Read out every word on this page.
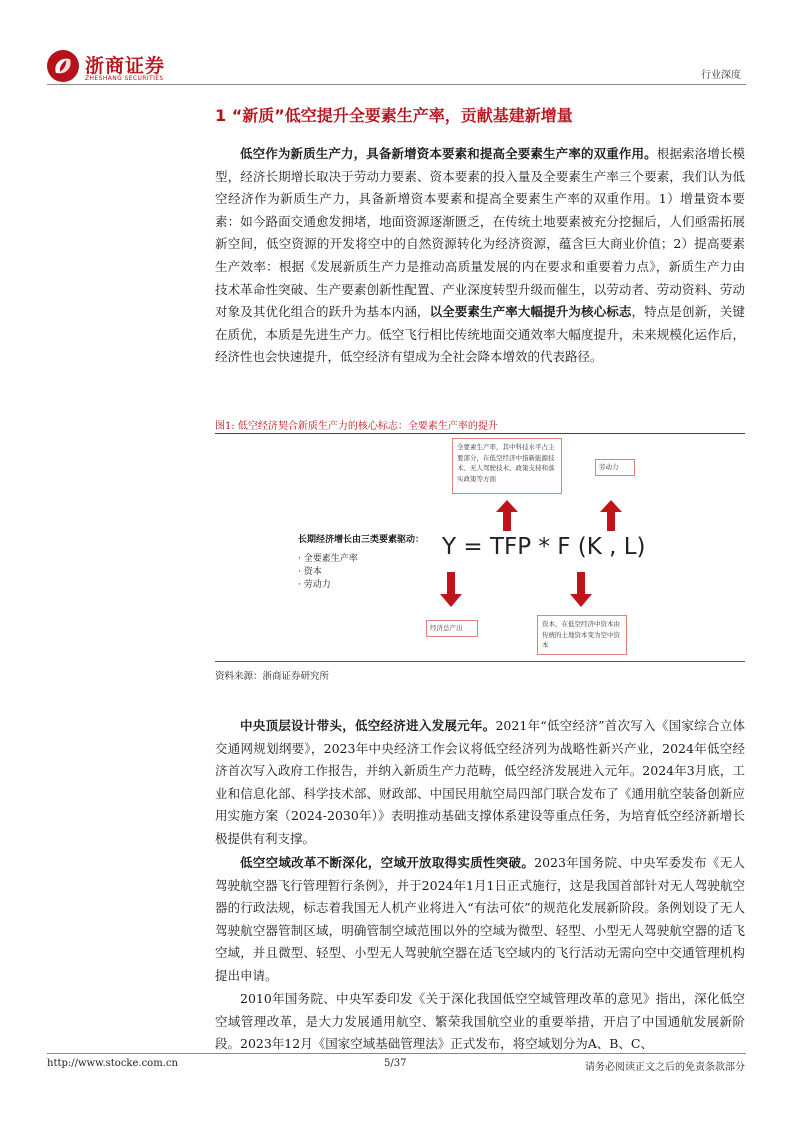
浙商证券
ZHESHANG SECURITIES	行业深度
1 “新质”低空提升全要素生产率，贡献基建新增量

低空作为新质生产力，具备新增资本要素和提高全要素生产率的双重作用。根据索洛增长模型，经济长期增长取决于劳动力要素、资本要素的投入量及全要素生产率三个要素，我们认为低空经济作为新质生产力，具备新增资本要素和提高全要素生产率的双重作用。1）增量资本要素：如今路面交通愈发拥堵，地面资源逐渐匮乏，在传统土地要素被充分挖掘后，人们亟需拓展新空间，低空资源的开发将空中的自然资源转化为经济资源，蕴含巨大商业价值；2）提高要素生产效率：根据《发展新质生产力是推动高质量发展的内在要求和重要着力点》，新质生产力由技术革命性突破、生产要素创新性配置、产业深度转型升级而催生，以劳动者、劳动资料、劳动对象及其优化组合的跃升为基本内涵，以全要素生产率大幅提升为核心标志，特点是创新，关键在质优，本质是先进生产力。低空飞行相比传统地面交通效率大幅度提升，未来规模化运作后，经济性也会快速提升，低空经济有望成为全社会降本增效的代表路径。

图1: 低空经济契合新质生产力的核心标志：全要素生产率的提升
全要素生产率，其中科技水平占主要部分，在低空经济中指新能源技术、无人驾驶技术、政策支持和落实政策等方面
劳动力
经济总产出	资本，在低空经济中资本由传统的土地资本变为空中资本
长期经济增长由三类要素驱动：
· 全要素生产率
· 资本
· 劳动力
Y = TFP * F (K , L)
资料来源：浙商证券研究所

中央顶层设计带头，低空经济进入发展元年。2021年“低空经济”首次写入《国家综合立体交通网规划纲要》，2023年中央经济工作会议将低空经济列为战略性新兴产业，2024年低空经济首次写入政府工作报告，并纳入新质生产力范畴，低空经济发展进入元年。2024年3月底，工业和信息化部、科学技术部、财政部、中国民用航空局四部门联合发布了《通用航空装备创新应用实施方案（2024-2030年）》表明推动基础支撑体系建设等重点任务，为培育低空经济新增长极提供有利支撑。

低空空域改革不断深化，空域开放取得实质性突破。2023年国务院、中央军委发布《无人驾驶航空器飞行管理暂行条例》，并于2024年1月1日正式施行，这是我国首部针对无人驾驶航空器的行政法规，标志着我国无人机产业将进入“有法可依”的规范化发展新阶段。条例划设了无人驾驶航空器管制区域，明确管制空域范围以外的空域为微型、轻型、小型无人驾驶航空器的适飞空域，并且微型、轻型、小型无人驾驶航空器在适飞空域内的飞行活动无需向空中交通管理机构提出申请。

2010年国务院、中央军委印发《关于深化我国低空空域管理改革的意见》指出，深化低空空域管理改革，是大力发展通用航空、繁荣我国航空业的重要举措，开启了中国通航发展新阶段。2023年12月《国家空域基础管理法》正式发布，将空域划分为A、B、C、

http://www.stocke.com.cn	5/37	请务必阅读正文之后的免责条款部分
